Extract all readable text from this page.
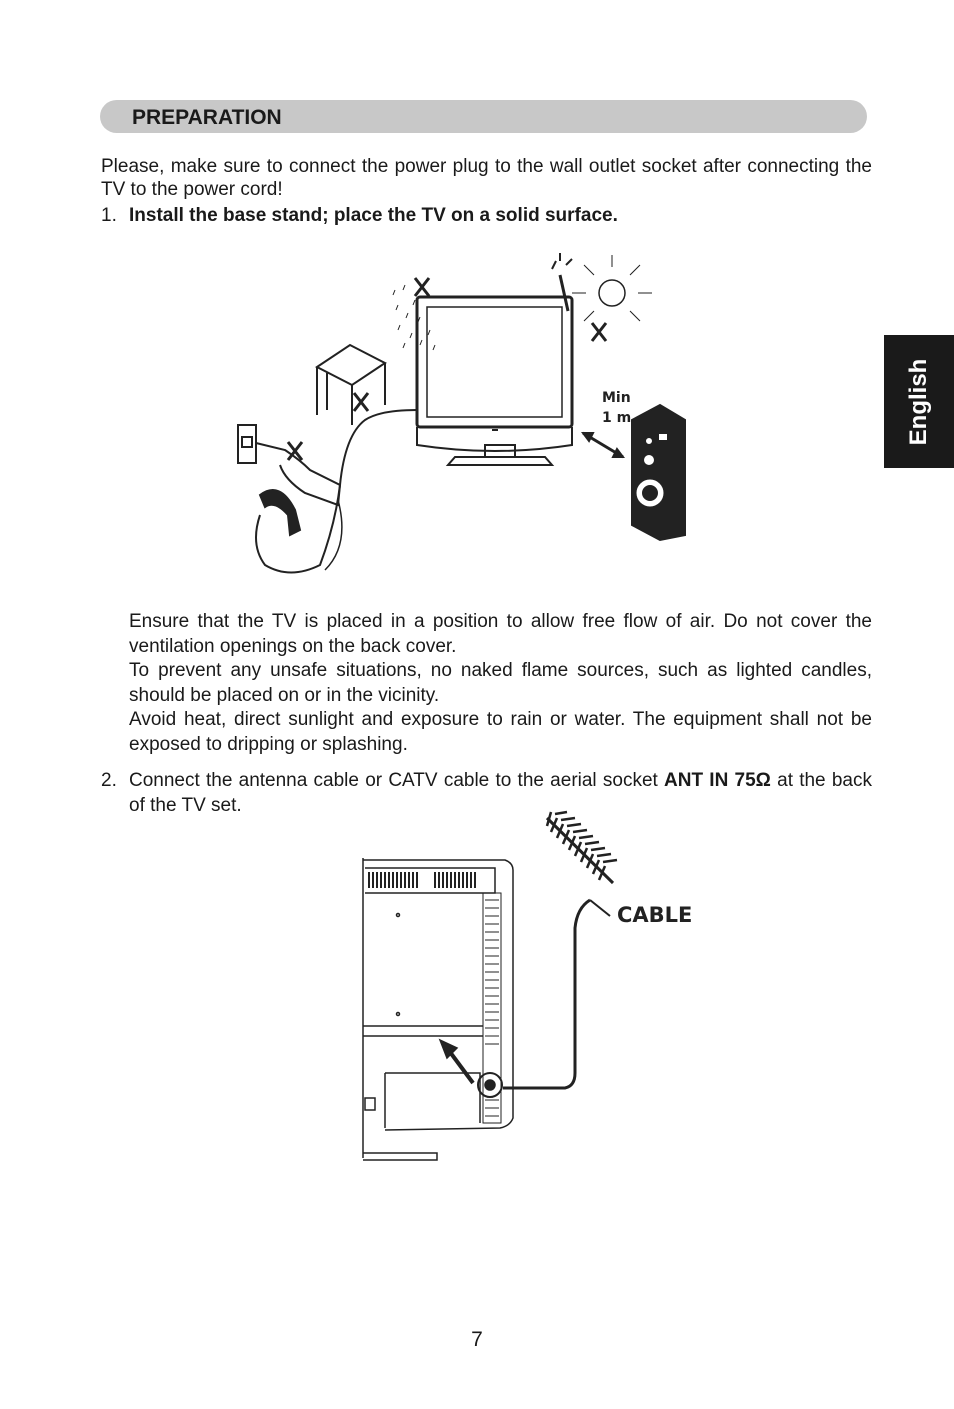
PREPARATION
English
Please, make sure to connect the power plug to the wall outlet socket after connecting the TV to the power cord!
1. Install the base stand; place the TV on a solid surface.
Min
1 m
Ensure that the TV is placed in a position to allow free flow of air. Do not cover the ventilation openings on the back cover.
To prevent any unsafe situations, no naked flame sources, such as lighted candles, should be placed on or in the vicinity.
Avoid heat, direct sunlight and exposure to rain or water. The equipment shall not be exposed to dripping or splashing.
2. Connect the antenna cable or CATV cable to the aerial socket ANT IN 75Ω at the back of the TV set.
CABLE
7
